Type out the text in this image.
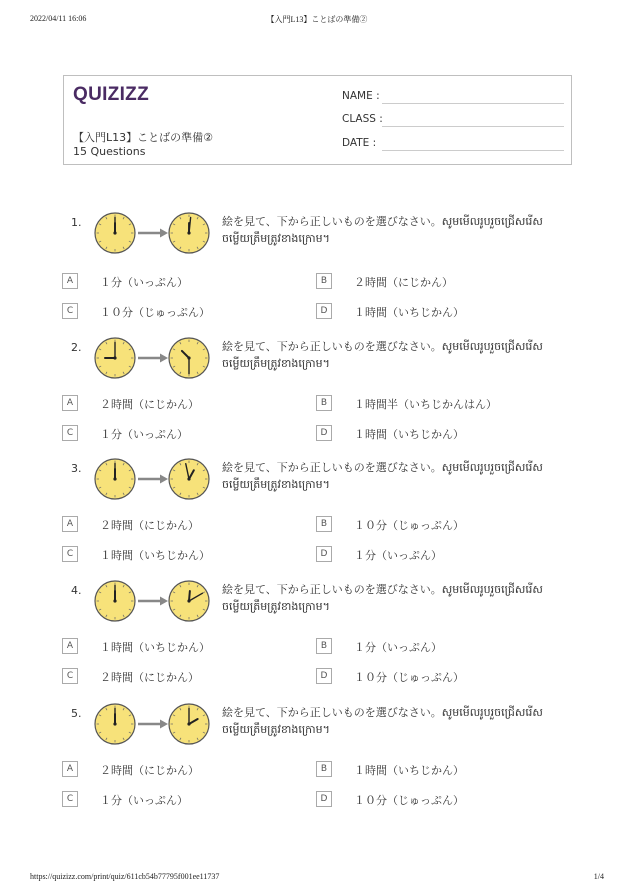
2022/04/11 16:06	【入門L13】ことばの準備②
QUIZIZZ
【入門L13】ことばの準備②
15 Questions
NAME :
CLASS :
DATE :
1.	絵を見て、下から正しいものを選びなさい。សូមមើលរូបរួចជ្រើសរើសចម្លើយត្រឹមត្រូវខាងក្រោម។
A	１分（いっぷん）	B	２時間（にじかん）
C	１０分（じゅっぷん）	D	１時間（いちじかん）
2.	絵を見て、下から正しいものを選びなさい。សូមមើលរូបរួចជ្រើសរើសចម្លើយត្រឹមត្រូវខាងក្រោម។
A	２時間（にじかん）	B	１時間半（いちじかんはん）
C	１分（いっぷん）	D	１時間（いちじかん）
3.	絵を見て、下から正しいものを選びなさい。សូមមើលរូបរួចជ្រើសរើសចម្លើយត្រឹមត្រូវខាងក្រោម។
A	２時間（にじかん）	B	１０分（じゅっぷん）
C	１時間（いちじかん）	D	１分（いっぷん）
4.	絵を見て、下から正しいものを選びなさい。សូមមើលរូបរួចជ្រើសរើសចម្លើយត្រឹមត្រូវខាងក្រោម។
A	１時間（いちじかん）	B	１分（いっぷん）
C	２時間（にじかん）	D	１０分（じゅっぷん）
5.	絵を見て、下から正しいものを選びなさい。សូមមើលរូបរួចជ្រើសរើសចម្លើយត្រឹមត្រូវខាងក្រោម។
A	２時間（にじかん）	B	１時間（いちじかん）
C	１分（いっぷん）	D	１０分（じゅっぷん）
https://quizizz.com/print/quiz/611cb54b77795f001ee11737	1/4
